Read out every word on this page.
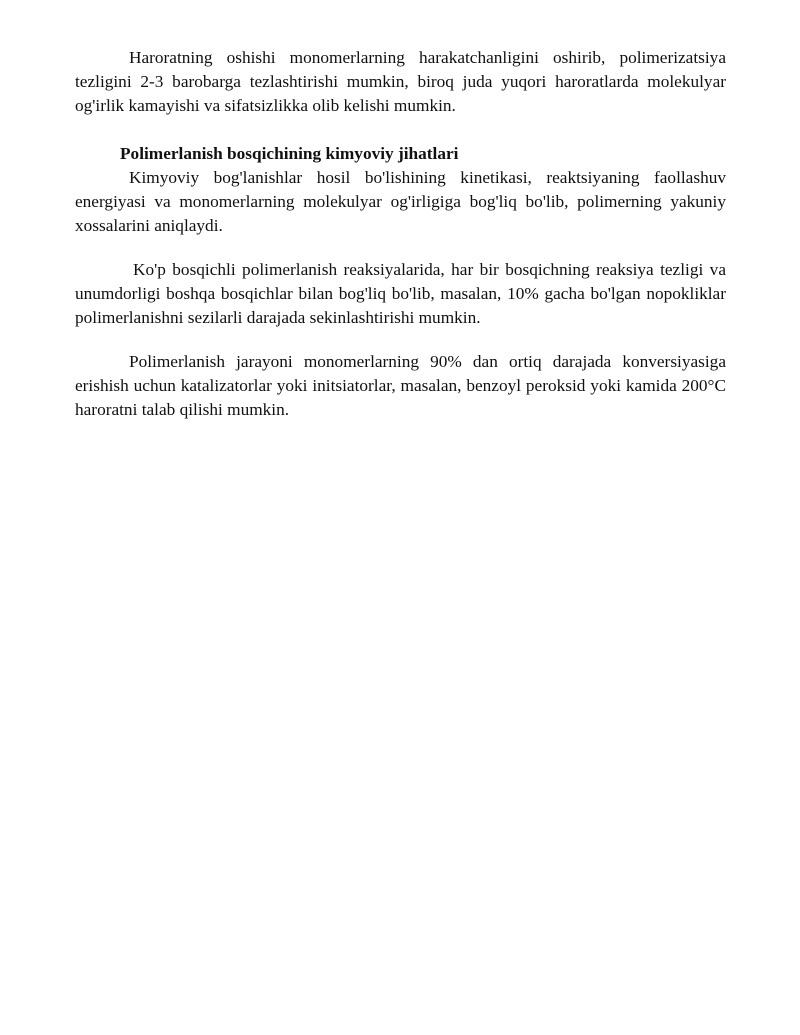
Haroratning oshishi monomerlarning harakatchanligini oshirib, polimerizatsiya tezligini 2-3 barobarga tezlashtirishi mumkin, biroq juda yuqori haroratlarda molekulyar og'irlik kamayishi va sifatsizlikka olib kelishi mumkin.

Polimerlanish bosqichining kimyoviy jihatlari

Kimyoviy bog'lanishlar hosil bo'lishining kinetikasi, reaktsiyaning faollashuv energiyasi va monomerlarning molekulyar og'irligiga bog'liq bo'lib, polimerning yakuniy xossalarini aniqlaydi.

Ko'p bosqichli polimerlanish reaksiyalarida, har bir bosqichning reaksiya tezligi va unumdorligi boshqa bosqichlar bilan bog'liq bo'lib, masalan, 10% gacha bo'lgan nopokliklar polimerlanishni sezilarli darajada sekinlashtirishi mumkin.

Polimerlanish jarayoni monomerlarning 90% dan ortiq darajada konversiyasiga erishish uchun katalizatorlar yoki initsiatorlar, masalan, benzoyl peroksid yoki kamida 200°C haroratni talab qilishi mumkin.
